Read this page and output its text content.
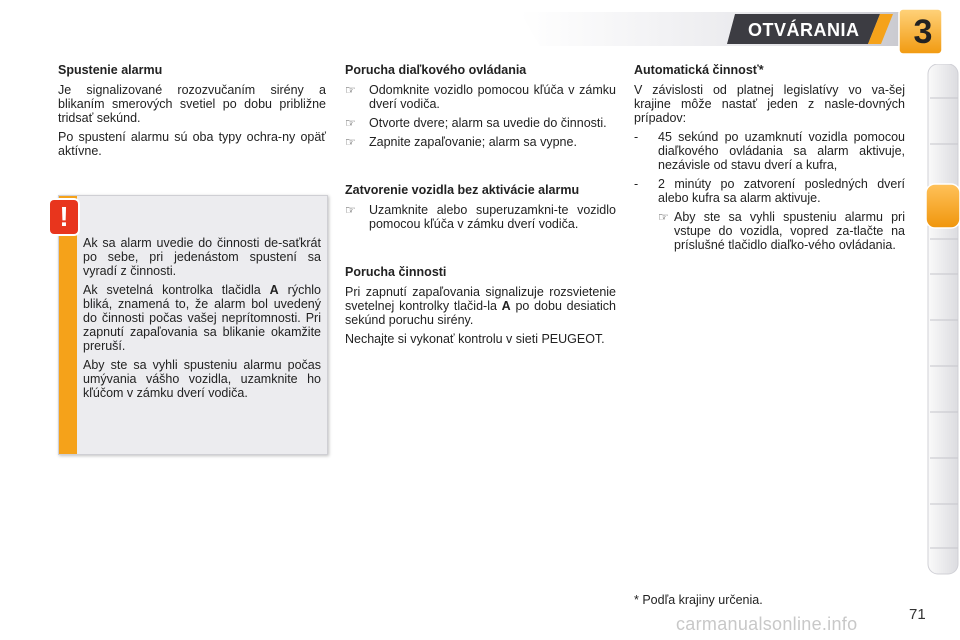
OTVÁRANIA 3
Spustenie alarmu

Je signalizované rozozvučaním sirény a blikaním smerových svetiel po dobu približne tridsať sekúnd.

Po spustení alarmu sú oba typy ochra-ny opäť aktívne.

Ak sa alarm uvedie do činnosti de-saťkrát po sebe, pri jedenástom spustení sa vyradí z činnosti.

Ak svetelná kontrolka tlačidla A rýchlo bliká, znamená to, že alarm bol uvedený do činnosti počas vašej neprítomnosti. Pri zapnutí zapaľovania sa blikanie okamžite preruší.

Aby ste sa vyhli spusteniu alarmu počas umývania vášho vozidla, uzamknite ho kľúčom v zámku dverí vodiča.

!
Porucha diaľkového ovládania
☞ Odomknite vozidlo pomocou kľúča v zámku dverí vodiča.
☞ Otvorte dvere; alarm sa uvedie do činnosti.
☞ Zapnite zapaľovanie; alarm sa vypne.
Zatvorenie vozidla bez aktivácie alarmu
☞ Uzamknite alebo superuzamkni-te vozidlo pomocou kľúča v zámku dverí vodiča.
Porucha činnosti

Pri zapnutí zapaľovania signalizuje rozsvietenie svetelnej kontrolky tlačid-la A po dobu desiatich sekúnd poruchu sirény.

Nechajte si vykonať kontrolu v sieti PEUGEOT.

Automatická činnosť*

V závislosti od platnej legislatívy vo va-šej krajine môže nastať jeden z nasle-dovných prípadov:

- 45 sekúnd po uzamknutí vozidla pomocou diaľkového ovládania sa alarm aktivuje, nezávisle od stavu dverí a kufra,
- 2 minúty po zatvorení posledných dverí alebo kufra sa alarm aktivuje.
☞ Aby ste sa vyhli spusteniu alarmu pri vstupe do vozidla, vopred za-tlačte na príslušné tlačidlo diaľko-vého ovládania.
* Podľa krajiny určenia.
carmanualsonline.info	71
